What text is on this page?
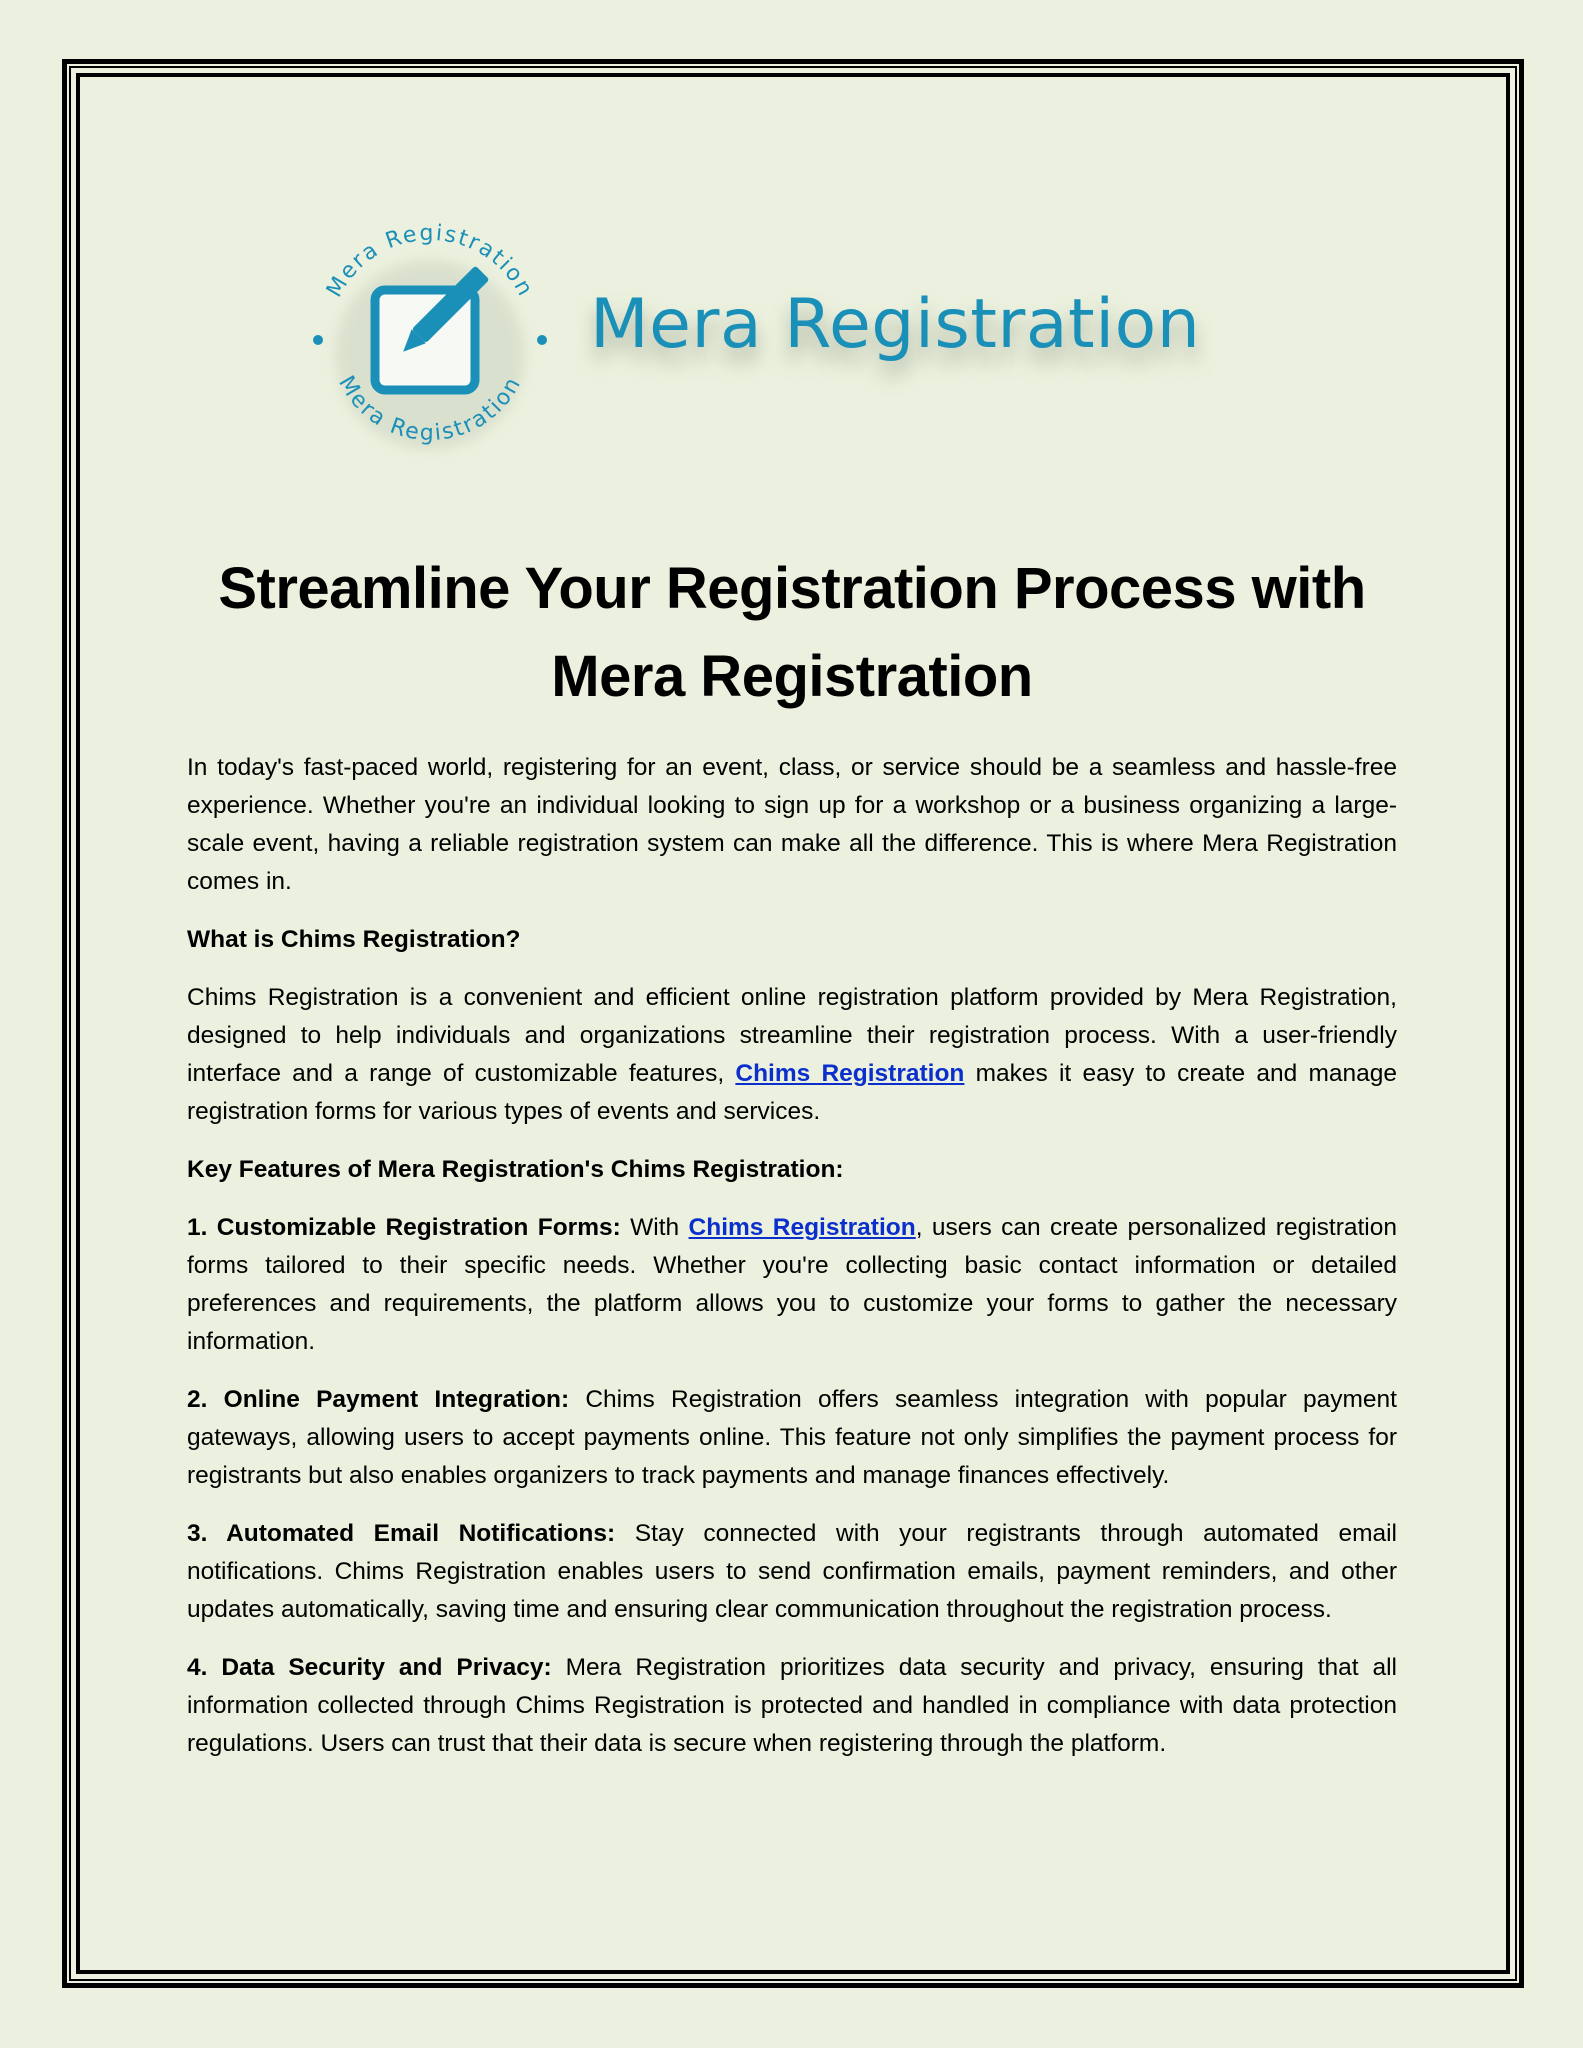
Mera Registration
Mera Registration
Mera Registration
Streamline Your Registration Process with Mera Registration

In today's fast-paced world, registering for an event, class, or service should be a seamless and hassle-free experience. Whether you're an individual looking to sign up for a workshop or a business organizing a large-scale event, having a reliable registration system can make all the difference. This is where Mera Registration comes in.

What is Chims Registration?

Chims Registration is a convenient and efficient online registration platform provided by Mera Registration, designed to help individuals and organizations streamline their registration process. With a user-friendly interface and a range of customizable features, Chims Registration makes it easy to create and manage registration forms for various types of events and services.

Key Features of Mera Registration's Chims Registration:

1. Customizable Registration Forms: With Chims Registration, users can create personalized registration forms tailored to their specific needs. Whether you're collecting basic contact information or detailed preferences and requirements, the platform allows you to customize your forms to gather the necessary information.

2. Online Payment Integration: Chims Registration offers seamless integration with popular payment gateways, allowing users to accept payments online. This feature not only simplifies the payment process for registrants but also enables organizers to track payments and manage finances effectively.

3. Automated Email Notifications: Stay connected with your registrants through automated email notifications. Chims Registration enables users to send confirmation emails, payment reminders, and other updates automatically, saving time and ensuring clear communication throughout the registration process.

4. Data Security and Privacy: Mera Registration prioritizes data security and privacy, ensuring that all information collected through Chims Registration is protected and handled in compliance with data protection regulations. Users can trust that their data is secure when registering through the platform.
